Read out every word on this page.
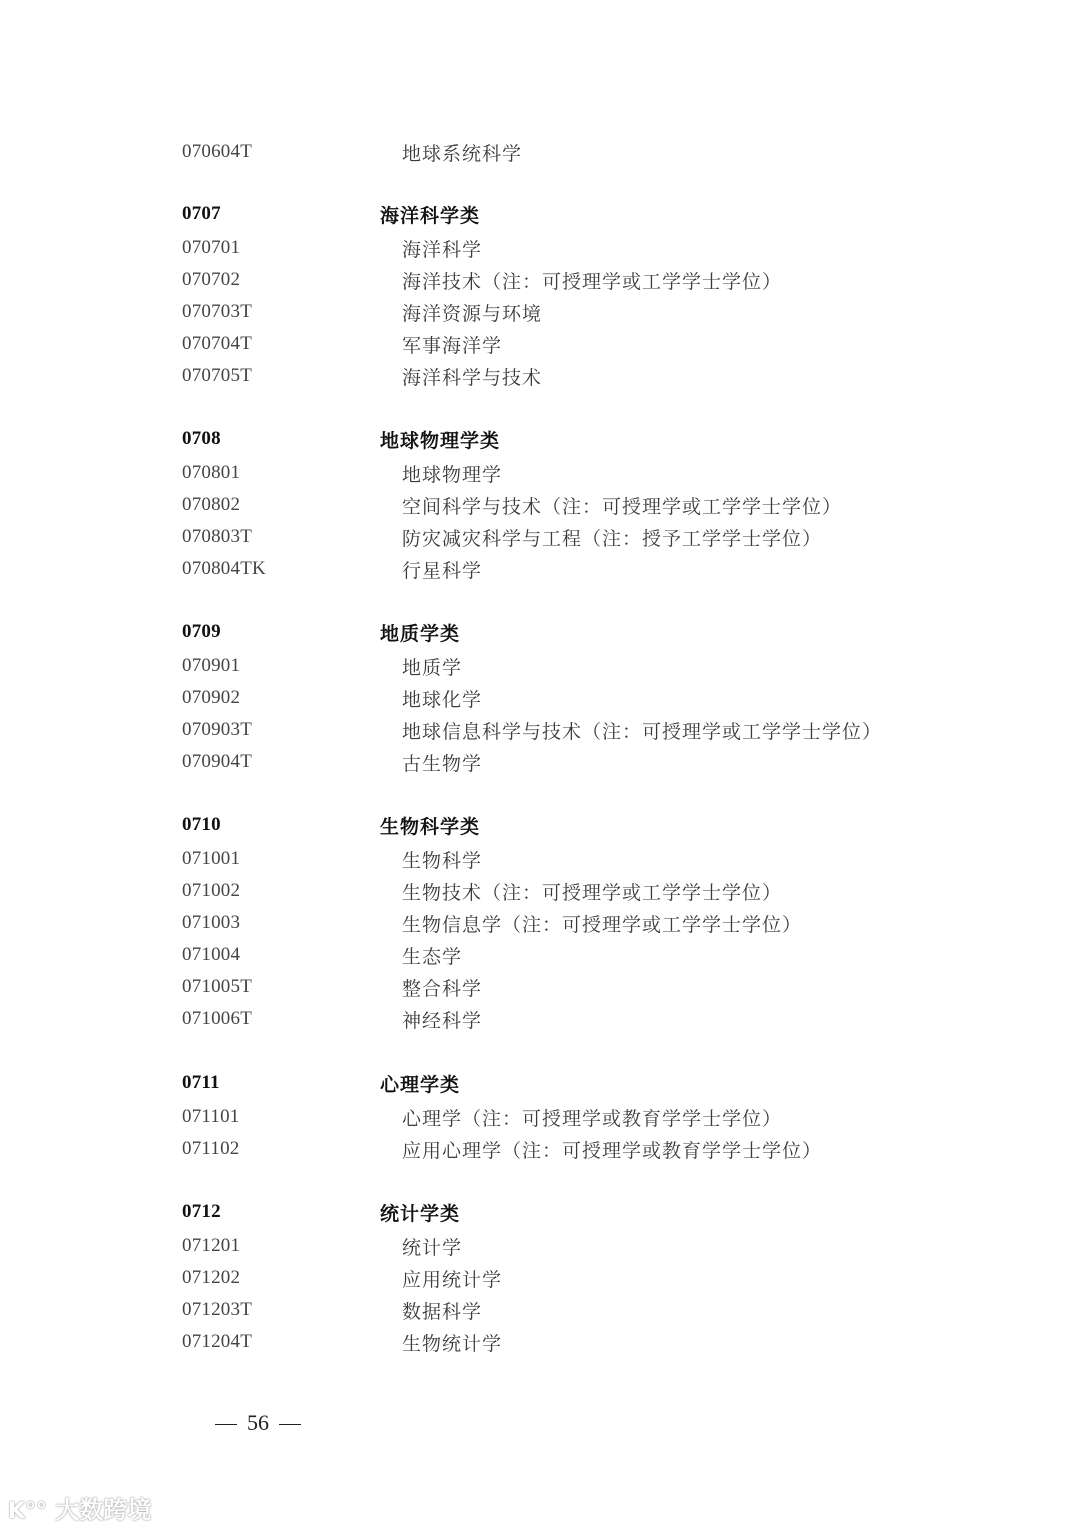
070604T	地球系统科学
0707	海洋科学类
070701	海洋科学
070702	海洋技术（注：可授理学或工学学士学位）
070703T	海洋资源与环境
070704T	军事海洋学
070705T	海洋科学与技术
0708	地球物理学类
070801	地球物理学
070802	空间科学与技术（注：可授理学或工学学士学位）
070803T	防灾减灾科学与工程（注：授予工学学士学位）
070804TK	行星科学
0709	地质学类
070901	地质学
070902	地球化学
070903T	地球信息科学与技术（注：可授理学或工学学士学位）
070904T	古生物学
0710	生物科学类
071001	生物科学
071002	生物技术（注：可授理学或工学学士学位）
071003	生物信息学（注：可授理学或工学学士学位）
071004	生态学
071005T	整合科学
071006T	神经科学
0711	心理学类
071101	心理学（注：可授理学或教育学学士学位）
071102	应用心理学（注：可授理学或教育学学士学位）
0712	统计学类
071201	统计学
071202	应用统计学
071203T	数据科学
071204T	生物统计学
56
K°° 大数跨境
